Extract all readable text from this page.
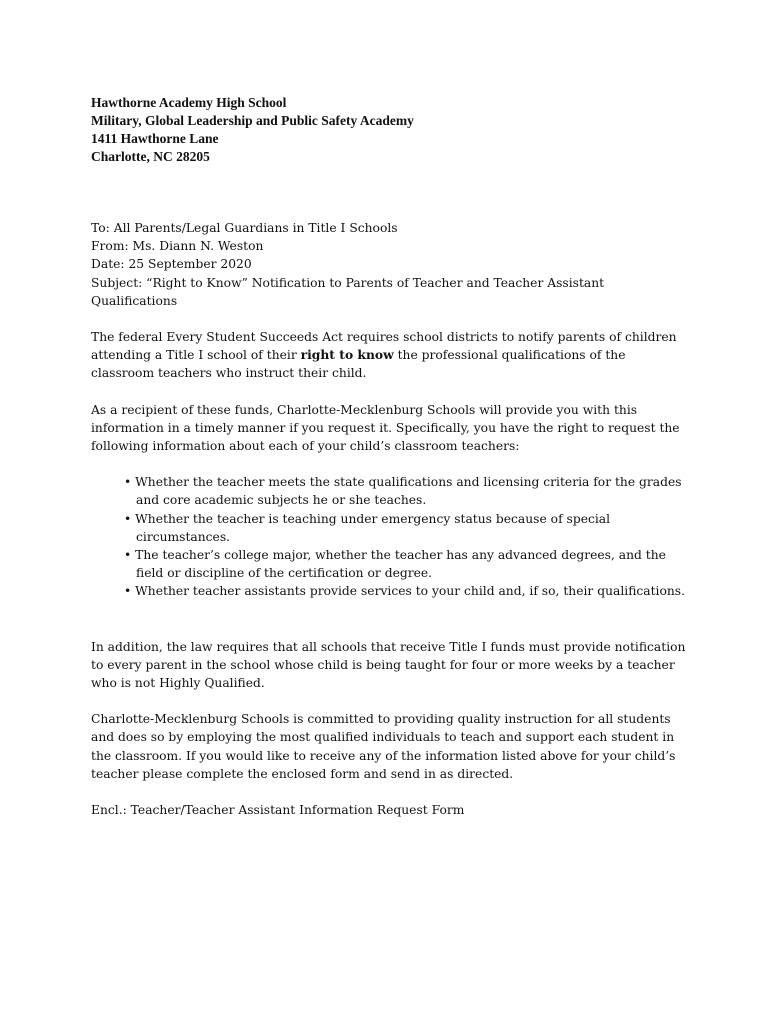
Hawthorne Academy High School
Military, Global Leadership and Public Safety Academy
1411 Hawthorne Lane
Charlotte, NC 28205
To: All Parents/Legal Guardians in Title I Schools
From: Ms. Diann N. Weston
Date: 25 September 2020
Subject: “Right to Know” Notification to Parents of Teacher and Teacher Assistant Qualifications

The federal Every Student Succeeds Act requires school districts to notify parents of children attending a Title I school of their right to know the professional qualifications of the classroom teachers who instruct their child.

As a recipient of these funds, Charlotte-Mecklenburg Schools will provide you with this information in a timely manner if you request it. Specifically, you have the right to request the following information about each of your child’s classroom teachers:

• Whether the teacher meets the state qualifications and licensing criteria for the grades and core academic subjects he or she teaches.
• Whether the teacher is teaching under emergency status because of special circumstances.
• The teacher’s college major, whether the teacher has any advanced degrees, and the field or discipline of the certification or degree.
• Whether teacher assistants provide services to your child and, if so, their qualifications.

In addition, the law requires that all schools that receive Title I funds must provide notification to every parent in the school whose child is being taught for four or more weeks by a teacher who is not Highly Qualified.

Charlotte-Mecklenburg Schools is committed to providing quality instruction for all students and does so by employing the most qualified individuals to teach and support each student in the classroom. If you would like to receive any of the information listed above for your child’s teacher please complete the enclosed form and send in as directed.

Encl.: Teacher/Teacher Assistant Information Request Form
